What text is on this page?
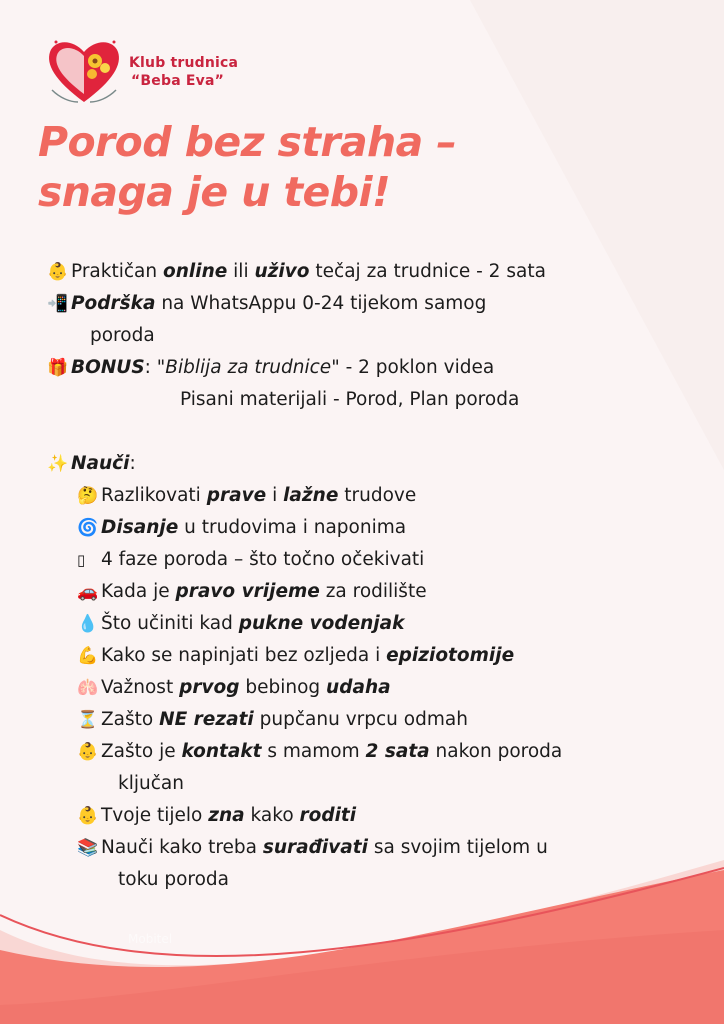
Klub trudnica
“Beba Eva”
Porod bez straha –
snaga je u tebi!
👶 Praktičan online ili uživo tečaj za trudnice - 2 sata
📲 Podrška na WhatsAppu 0-24 tijekom samog
poroda
🎁 BONUS: "Biblija za trudnice" - 2 poklon videa
Pisani materijali - Porod, Plan poroda
✨ Nauči:
🤔 Razlikovati prave i lažne trudove
🌀 Disanje u trudovima i naponima
▯ 4 faze poroda – što točno očekivati
🚗 Kada je pravo vrijeme za rodilište
💧 Što učiniti kad pukne vodenjak
💪 Kako se napinjati bez ozljeda i epiziotomije
🫁 Važnost prvog bebinog udaha
⏳ Zašto NE rezati pupčanu vrpcu odmah
👶 Zašto je kontakt s mamom 2 sata nakon poroda
ključan
👶 Tvoje tijelo zna kako roditi
📚 Nauči kako treba surađivati sa svojim tijelom u
toku poroda
Mobitel
